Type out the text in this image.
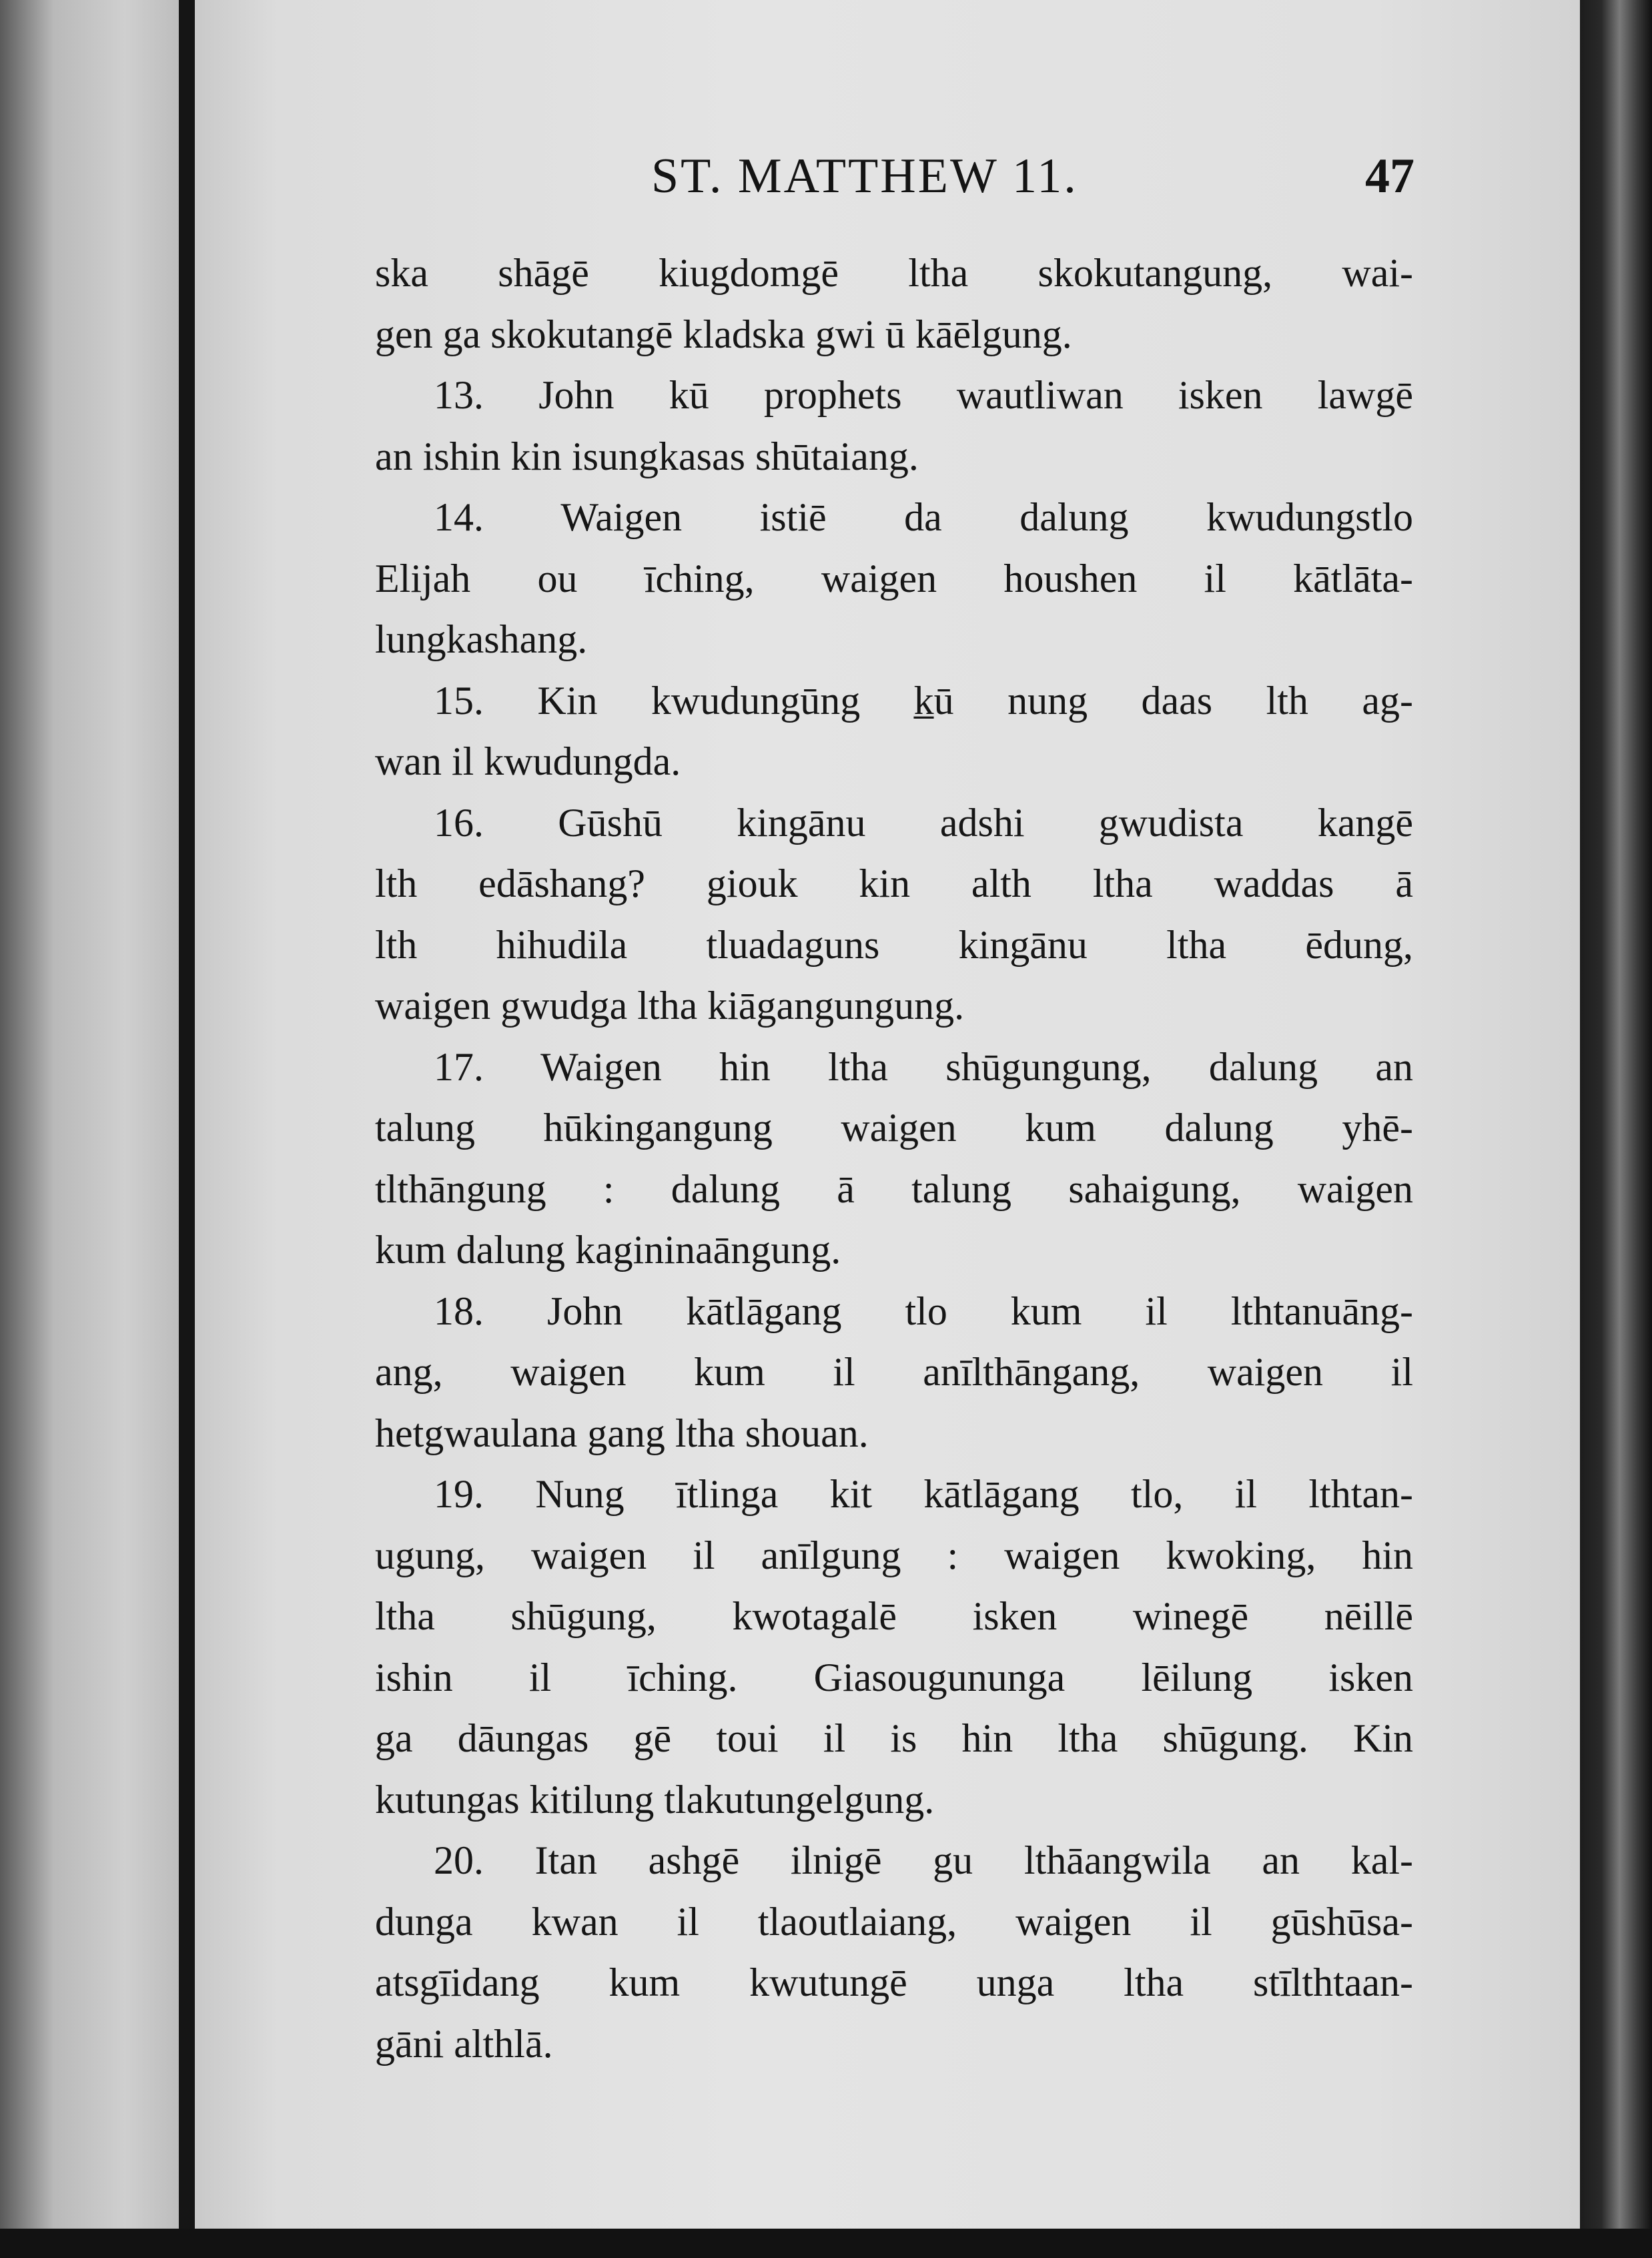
ST. MATTHEW 11.	47
ska shāgē kiugdomgē ltha skokutangung, wai-
gen ga skokutangē kladska gwi ū kāēlgung.
13. John kū prophets wautliwan isken lawgē
an ishin kin isungkasas shūtaiang.
14. Waigen istiē da dalung kwudungstlo
Elijah ou īching, waigen houshen il kātlāta-
lungkashang.
15. Kin kwudungūng k̲ū nung daas lth ag-
wan il kwudungda.
16. Gūshū kingānu adshi gwudista kangē
lth edāshang? giouk kin alth ltha waddas ā
lth hihudila tluadaguns kingānu ltha ēdung,
waigen gwudga ltha kiāgangungung.
17. Waigen hin ltha shūgungung, dalung an
talung hūkingangung waigen kum dalung yhē-
tlthāngung : dalung ā talung sahaigung, waigen
kum dalung kagininaāngung.
18. John kātlāgang tlo kum il lthtanuāng-
ang, waigen kum il anīlthāngang, waigen il
hetgwaulana gang ltha shouan.
19. Nung ītlinga kit kātlāgang tlo, il lthtan-
ugung, waigen il anīlgung : waigen kwoking, hin
ltha shūgung, kwotagalē isken winegē nēillē
ishin il īching. Giasougununga lēilung isken
ga dāungas gē toui il is hin ltha shūgung. Kin
kutungas kitilung tlakutungelgung.
20. Itan ashgē ilnigē gu lthāangwila an kal-
dunga kwan il tlaoutlaiang, waigen il gūshūsa-
atsgīidang kum kwutungē unga ltha stīlthtaan-
gāni althlā.
